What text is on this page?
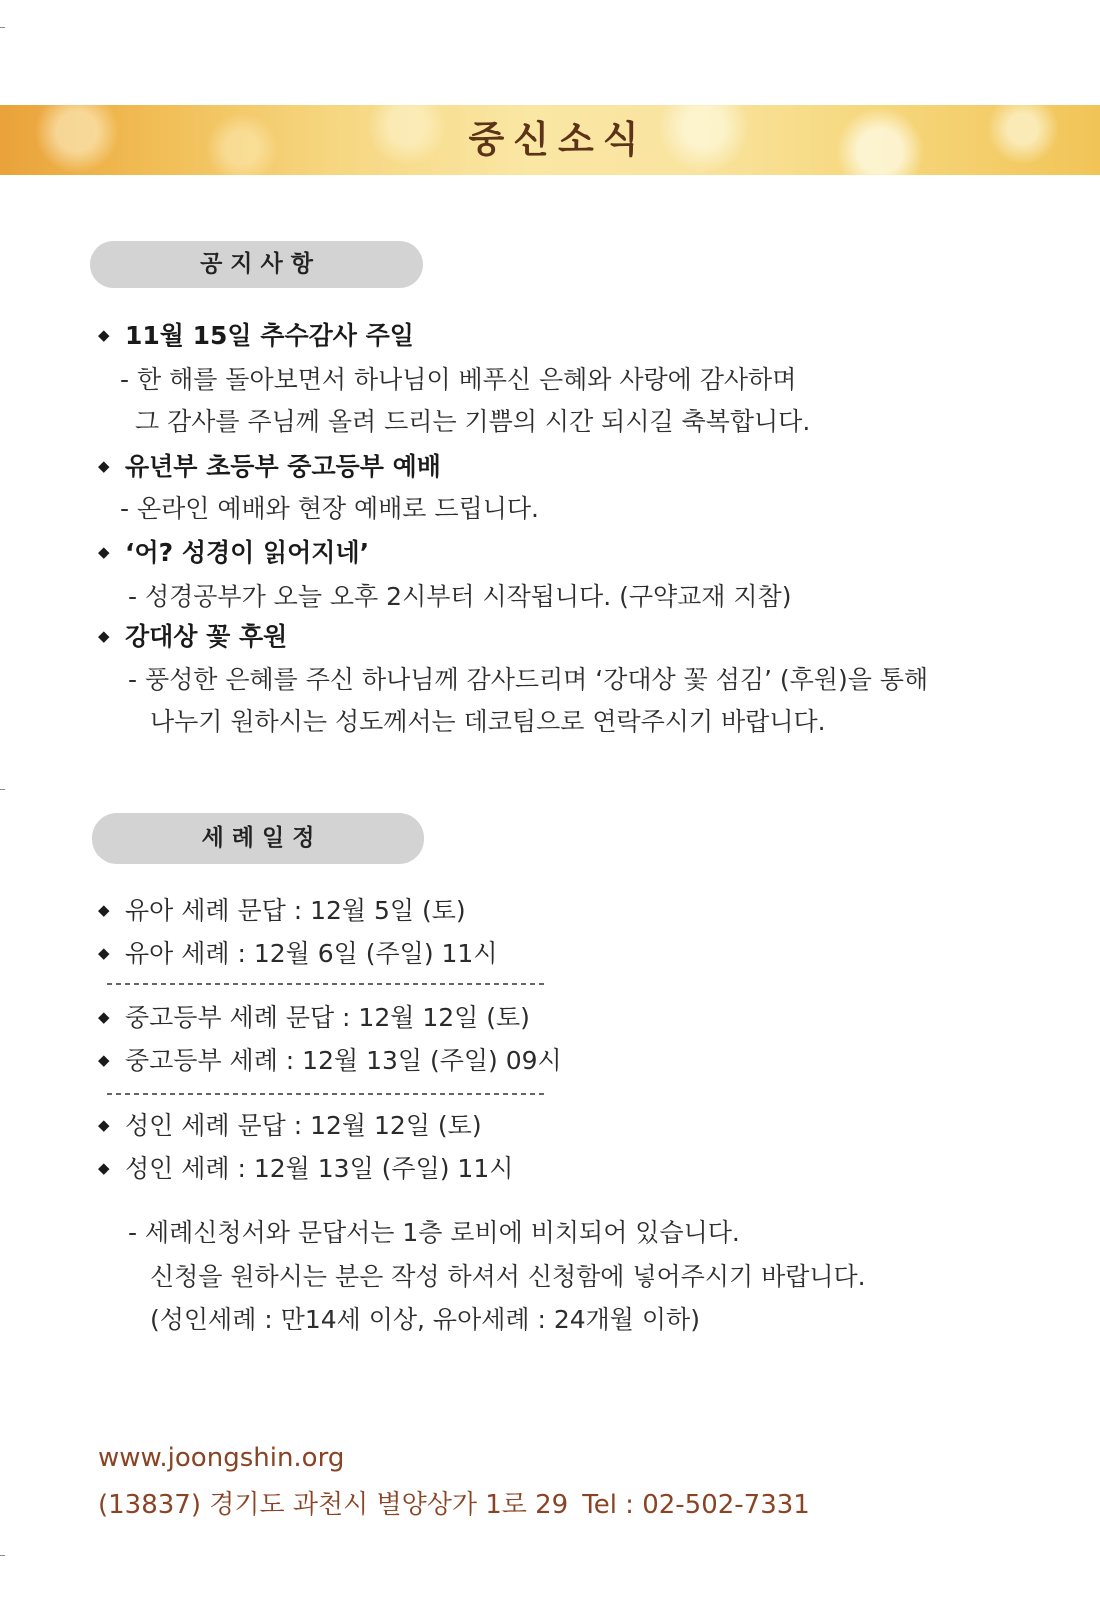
중신소식
공지사항
◆11월 15일 추수감사 주일
- 한 해를 돌아보면서 하나님이 베푸신 은혜와 사랑에 감사하며
그 감사를 주님께 올려 드리는 기쁨의 시간 되시길 축복합니다.
◆유년부 초등부 중고등부 예배
- 온라인 예배와 현장 예배로 드립니다.
◆‘어? 성경이 읽어지네’
- 성경공부가 오늘 오후 2시부터 시작됩니다. (구약교재 지참)
◆강대상 꽃 후원
- 풍성한 은혜를 주신 하나님께 감사드리며 ‘강대상 꽃 섬김’ (후원)을 통해
나누기 원하시는 성도께서는 데코팀으로 연락주시기 바랍니다.
세례일정
◆유아 세례 문답 : 12월 5일 (토)
◆유아 세례 : 12월 6일 (주일) 11시
◆중고등부 세례 문답 : 12월 12일 (토)
◆중고등부 세례 : 12월 13일 (주일) 09시
◆성인 세례 문답 : 12월 12일 (토)
◆성인 세례 : 12월 13일 (주일) 11시
- 세례신청서와 문답서는 1층 로비에 비치되어 있습니다.
신청을 원하시는 분은 작성 하셔서 신청함에 넣어주시기 바랍니다.
(성인세례 : 만14세 이상, 유아세례 : 24개월 이하)
www.joongshin.org
(13837) 경기도 과천시 별양상가 1로 29 Tel : 02-502-7331
